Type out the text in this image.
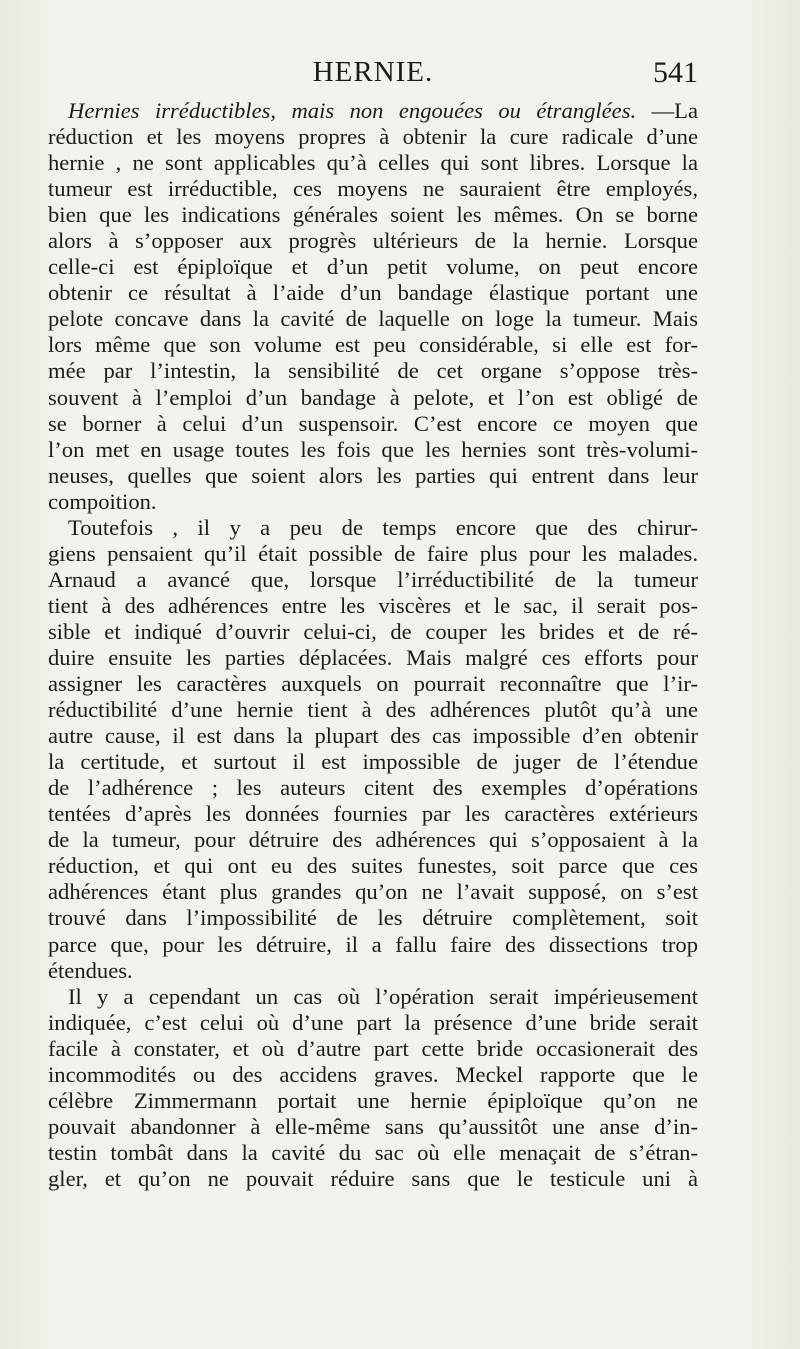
HERNIE.	541
Hernies irréductibles, mais non engouées ou étranglées. —La
réduction et les moyens propres à obtenir la cure radicale d’une
hernie , ne sont applicables qu’à celles qui sont libres. Lorsque la
tumeur est irréductible, ces moyens ne sauraient être employés,
bien que les indications générales soient les mêmes. On se borne
alors à s’opposer aux progrès ultérieurs de la hernie. Lorsque
celle-ci est épiploïque et d’un petit volume, on peut encore
obtenir ce résultat à l’aide d’un bandage élastique portant une
pelote concave dans la cavité de laquelle on loge la tumeur. Mais
lors même que son volume est peu considérable, si elle est for-
mée par l’intestin, la sensibilité de cet organe s’oppose très-
souvent à l’emploi d’un bandage à pelote, et l’on est obligé de
se borner à celui d’un suspensoir. C’est encore ce moyen que
l’on met en usage toutes les fois que les hernies sont très-volumi-
neuses, quelles que soient alors les parties qui entrent dans leur
compoition.
Toutefois , il y a peu de temps encore que des chirur-
giens pensaient qu’il était possible de faire plus pour les malades.
Arnaud a avancé que, lorsque l’irréductibilité de la tumeur
tient à des adhérences entre les viscères et le sac, il serait pos-
sible et indiqué d’ouvrir celui-ci, de couper les brides et de ré-
duire ensuite les parties déplacées. Mais malgré ces efforts pour
assigner les caractères auxquels on pourrait reconnaître que l’ir-
réductibilité d’une hernie tient à des adhérences plutôt qu’à une
autre cause, il est dans la plupart des cas impossible d’en obtenir
la certitude, et surtout il est impossible de juger de l’étendue
de l’adhérence ; les auteurs citent des exemples d’opérations
tentées d’après les données fournies par les caractères extérieurs
de la tumeur, pour détruire des adhérences qui s’opposaient à la
réduction, et qui ont eu des suites funestes, soit parce que ces
adhérences étant plus grandes qu’on ne l’avait supposé, on s’est
trouvé dans l’impossibilité de les détruire complètement, soit
parce que, pour les détruire, il a fallu faire des dissections trop
étendues.
Il y a cependant un cas où l’opération serait impérieusement
indiquée, c’est celui où d’une part la présence d’une bride serait
facile à constater, et où d’autre part cette bride occasionerait des
incommodités ou des accidens graves. Meckel rapporte que le
célèbre Zimmermann portait une hernie épiploïque qu’on ne
pouvait abandonner à elle-même sans qu’aussitôt une anse d’in-
testin tombât dans la cavité du sac où elle menaçait de s’étran-
gler, et qu’on ne pouvait réduire sans que le testicule uni à
